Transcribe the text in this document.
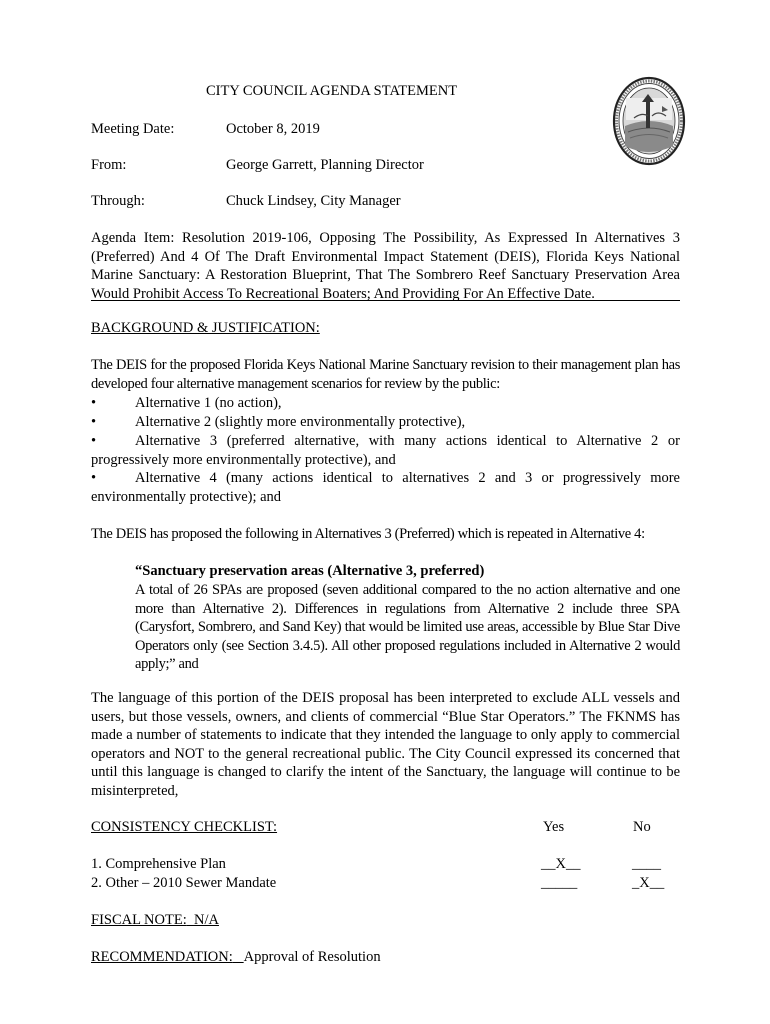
CITY COUNCIL AGENDA STATEMENT
Meeting Date:	October 8, 2019
From:	George Garrett, Planning Director
Through:	Chuck Lindsey, City Manager
Agenda Item: Resolution 2019-106, Opposing The Possibility, As Expressed In Alternatives 3 (Preferred) And 4 Of The Draft Environmental Impact Statement (DEIS), Florida Keys National Marine Sanctuary: A Restoration Blueprint, That The Sombrero Reef Sanctuary Preservation Area Would Prohibit Access To Recreational Boaters; And Providing For An Effective Date.
BACKGROUND & JUSTIFICATION:
The DEIS for the proposed Florida Keys National Marine Sanctuary revision to their management plan has developed four alternative management scenarios for review by the public:
•	Alternative 1 (no action),
•	Alternative 2 (slightly more environmentally protective),
•	Alternative 3 (preferred alternative, with many actions identical to Alternative 2 or progressively more environmentally protective), and
•	Alternative 4 (many actions identical to alternatives 2 and 3 or progressively more environmentally protective); and
The DEIS has proposed the following in Alternatives 3 (Preferred) which is repeated in Alternative 4:
“Sanctuary preservation areas (Alternative 3, preferred)
A total of 26 SPAs are proposed (seven additional compared to the no action alternative and one more than Alternative 2). Differences in regulations from Alternative 2 include three SPA (Carysfort, Sombrero, and Sand Key) that would be limited use areas, accessible by Blue Star Dive Operators only (see Section 3.4.5). All other proposed regulations included in Alternative 2 would apply;” and
The language of this portion of the DEIS proposal has been interpreted to exclude ALL vessels and users, but those vessels, owners, and clients of commercial “Blue Star Operators.” The FKNMS has made a number of statements to indicate that they intended the language to only apply to commercial operators and NOT to the general recreational public. The City Council expressed its concerned that until this language is changed to clarify the intent of the Sanctuary, the language will continue to be misinterpreted,
CONSISTENCY CHECKLIST:	Yes	No
1. Comprehensive Plan	__X__	____
2. Other – 2010 Sewer Mandate	_____	_X__
FISCAL NOTE: N/A
RECOMMENDATION: Approval of Resolution
